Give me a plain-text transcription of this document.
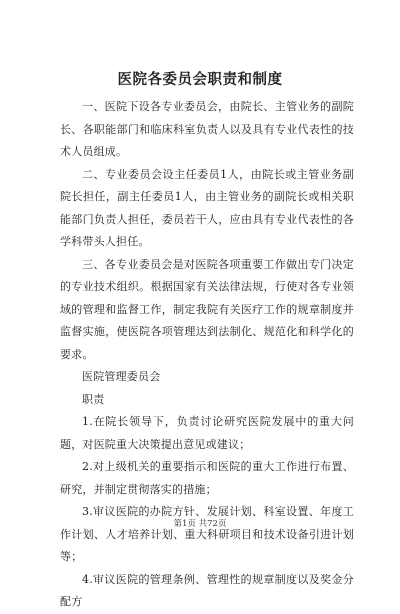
医院各委员会职责和制度

一、医院下设各专业委员会，由院长、主管业务的副院长、各职能部门和临床科室负责人以及具有专业代表性的技术人员组成。

二、专业委员会设主任委员1人，由院长或主管业务副院长担任，副主任委员1人，由主管业务的副院长或相关职能部门负责人担任，委员若干人，应由具有专业代表性的各学科带头人担任。

三、各专业委员会是对医院各项重要工作做出专门决定的专业技术组织。根据国家有关法律法规，行使对各专业领域的管理和监督工作，制定我院有关医疗工作的规章制度并监督实施，使医院各项管理达到法制化、规范化和科学化的要求。

医院管理委员会

职责

1.在院长领导下，负责讨论研究医院发展中的重大问题，对医院重大决策提出意见或建议；

2.对上级机关的重要指示和医院的重大工作进行布置、研究，并制定贯彻落实的措施；

3.审议医院的办院方针、发展计划、科室设置、年度工作计划、人才培养计划、重大科研项目和技术设备引进计划等；

4.审议医院的管理条例、管理性的规章制度以及奖金分配方

第1页 共72页
